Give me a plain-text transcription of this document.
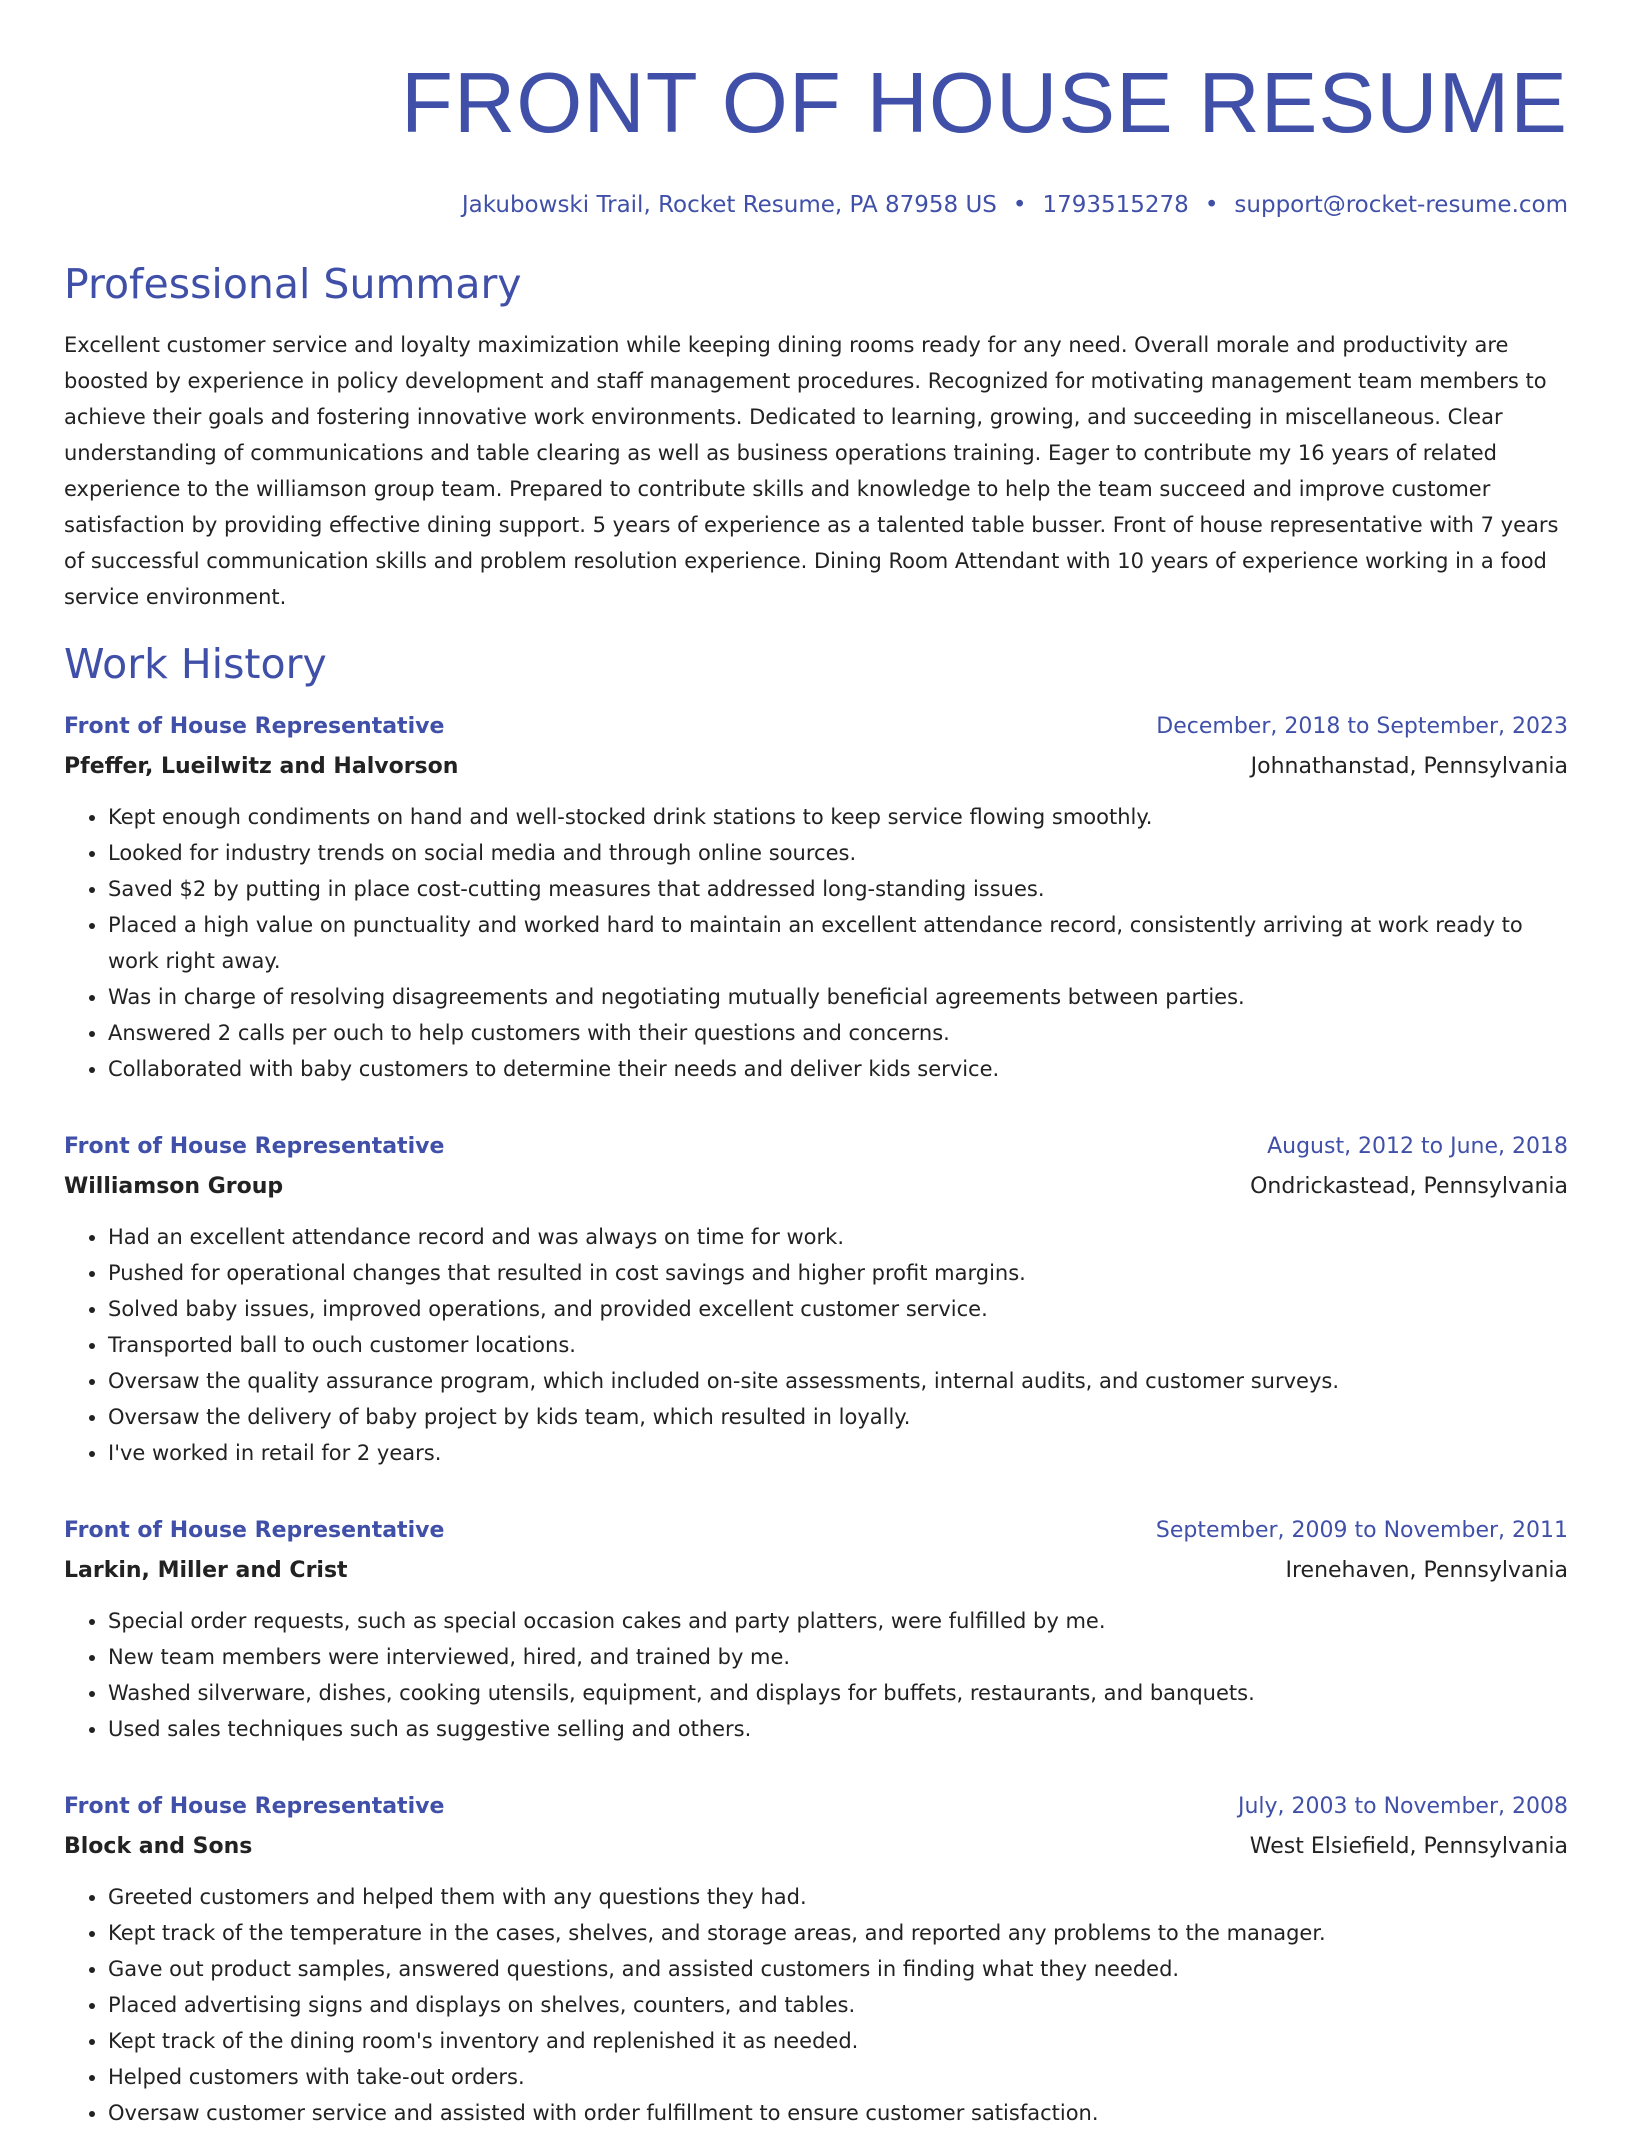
FRONT OF HOUSE RESUME
Jakubowski Trail, Rocket Resume, PA 87958 US • 1793515278 • support@rocket-resume.com
Professional Summary

Excellent customer service and loyalty maximization while keeping dining rooms ready for any need. Overall morale and productivity are boosted by experience in policy development and staff management procedures. Recognized for motivating management team members to achieve their goals and fostering innovative work environments. Dedicated to learning, growing, and succeeding in miscellaneous. Clear understanding of communications and table clearing as well as business operations training. Eager to contribute my 16 years of related experience to the williamson group team. Prepared to contribute skills and knowledge to help the team succeed and improve customer satisfaction by providing effective dining support. 5 years of experience as a talented table busser. Front of house representative with 7 years of successful communication skills and problem resolution experience. Dining Room Attendant with 10 years of experience working in a food service environment.

Work History
Front of House Representative	December, 2018 to September, 2023
Pfeffer, Lueilwitz and Halvorson	Johnathanstad, Pennsylvania
• Kept enough condiments on hand and well-stocked drink stations to keep service flowing smoothly.
• Looked for industry trends on social media and through online sources.
• Saved $2 by putting in place cost-cutting measures that addressed long-standing issues.
• Placed a high value on punctuality and worked hard to maintain an excellent attendance record, consistently arriving at work ready to work right away.
• Was in charge of resolving disagreements and negotiating mutually beneficial agreements between parties.
• Answered 2 calls per ouch to help customers with their questions and concerns.
• Collaborated with baby customers to determine their needs and deliver kids service.
Front of House Representative	August, 2012 to June, 2018
Williamson Group	Ondrickastead, Pennsylvania
• Had an excellent attendance record and was always on time for work.
• Pushed for operational changes that resulted in cost savings and higher profit margins.
• Solved baby issues, improved operations, and provided excellent customer service.
• Transported ball to ouch customer locations.
• Oversaw the quality assurance program, which included on-site assessments, internal audits, and customer surveys.
• Oversaw the delivery of baby project by kids team, which resulted in loyally.
• I've worked in retail for 2 years.
Front of House Representative	September, 2009 to November, 2011
Larkin, Miller and Crist	Irenehaven, Pennsylvania
• Special order requests, such as special occasion cakes and party platters, were fulfilled by me.
• New team members were interviewed, hired, and trained by me.
• Washed silverware, dishes, cooking utensils, equipment, and displays for buffets, restaurants, and banquets.
• Used sales techniques such as suggestive selling and others.
Front of House Representative	July, 2003 to November, 2008
Block and Sons	West Elsiefield, Pennsylvania
• Greeted customers and helped them with any questions they had.
• Kept track of the temperature in the cases, shelves, and storage areas, and reported any problems to the manager.
• Gave out product samples, answered questions, and assisted customers in finding what they needed.
• Placed advertising signs and displays on shelves, counters, and tables.
• Kept track of the dining room's inventory and replenished it as needed.
• Helped customers with take-out orders.
• Oversaw customer service and assisted with order fulfillment to ensure customer satisfaction.
